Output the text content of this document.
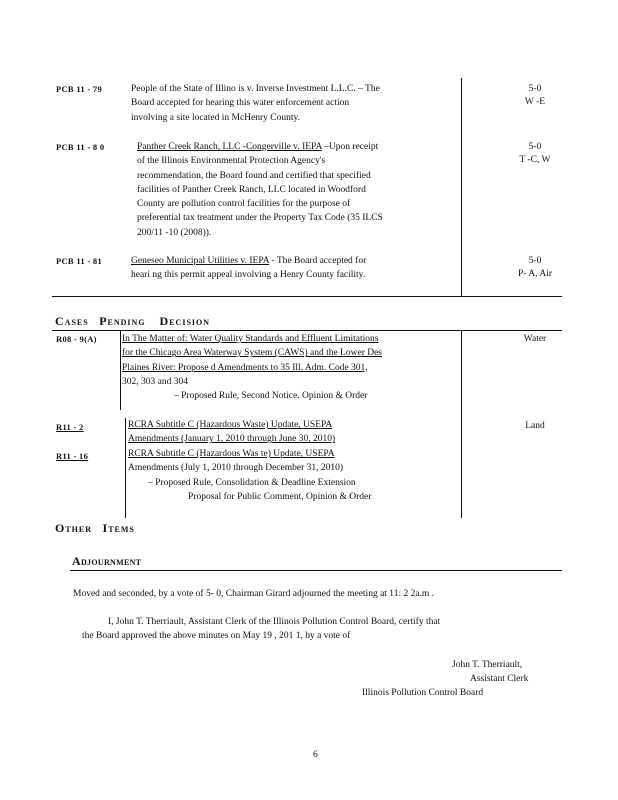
PCB 11 - 79	People of the State of Illino is v. Inverse Investment L.L.C. – The
Board accepted for hearing this water enforcement action
involving a site located in McHenry County.
5-0
W -E
PCB 11 - 8 0	Panther Creek Ranch, LLC -Congerville v. IEPA –Upon receipt
of the Illinois Environmental Protection Agency's
recommendation, the Board found and certified that specified
facilities of Panther Creek Ranch, LLC located in Woodford
County are pollution control facilities for the purpose of
preferential tax treatment under the Property Tax Code (35 ILCS
200/11 -10 (2008)).
5-0
T -C, W
PCB 11 - 81	Geneseo Municipal Utilities v. IEPA - The Board accepted for
heari ng this permit appeal involving a Henry County facility.
5-0
P- A, Air
CASES PENDING DECISION
R08 - 9(A)	In The Matter of: Water Quality Standards and Effluent Limitations
for the Chicago Area Waterway System (CAWS) and the Lower Des
Plaines River: Propose d Amendments to 35 Ill. Adm. Code 301,
302, 303 and 304
– Proposed Rule, Second Notice. Opinion & Order
Water
R11 - 2	RCRA Subtitle C (Hazardous Waste) Update, USEPA
Amendments (January 1, 2010 through June 30, 2010)
Land
R11 - 16	RCRA Subtitle C (Hazardous Was te) Update, USEPA
Amendments (July 1, 2010 through December 31, 2010)
– Proposed Rule, Consolidation & Deadline Extension
Proposal for Public Comment, Opinion & Order
OTHER ITEMS
ADJOURNMENT
Moved and seconded, by a vote of 5- 0, Chairman Girard adjourned the meeting at 11: 2 2a.m .
I, John T. Therriault, Assistant Clerk of the Illinois Pollution Control Board, certify that
the Board approved the above minutes on May 19 , 201 1, by a vote of
John T. Therriault,
Assistant Clerk
Illinois Pollution Control Board
6
